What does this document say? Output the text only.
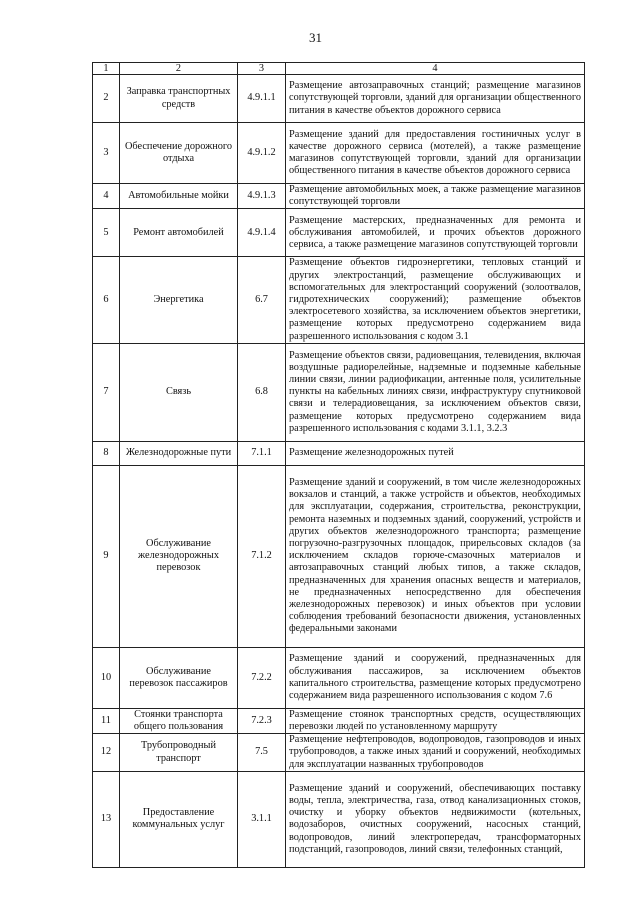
31
1	2	3	4
2	Заправка транспортных средств	4.9.1.1	Размещение автозаправочных станций; размещение магазинов сопутствующей торговли, зданий для организации общественного питания в качестве объектов дорожного сервиса
3	Обеспечение дорожного отдыха	4.9.1.2	Размещение зданий для предоставления гостиничных услуг в качестве дорожного сервиса (мотелей), а также размещение магазинов сопутствующей торговли, зданий для организации общественного питания в качестве объектов дорожного сервиса
4	Автомобильные мойки	4.9.1.3	Размещение автомобильных моек, а также размещение магазинов сопутствующей торговли
5	Ремонт автомобилей	4.9.1.4	Размещение мастерских, предназначенных для ремонта и обслуживания автомобилей, и прочих объектов дорожного сервиса, а также размещение магазинов сопутствующей торговли
6	Энергетика	6.7	Размещение объектов гидроэнергетики, тепловых станций и других электростанций, размещение обслуживающих и вспомогательных для электростанций сооружений (золоотвалов, гидротехнических сооружений); размещение объектов электросетевого хозяйства, за исключением объектов энергетики, размещение которых предусмотрено содержанием вида разрешенного использования с кодом 3.1
7	Связь	6.8	Размещение объектов связи, радиовещания, телевидения, включая воздушные радиорелейные, надземные и подземные кабельные линии связи, линии радиофикации, антенные поля, усилительные пункты на кабельных линиях связи, инфраструктуру спутниковой связи и телерадиовещания, за исключением объектов связи, размещение которых предусмотрено содержанием вида разрешенного использования с кодами 3.1.1, 3.2.3
8	Железнодорожные пути	7.1.1	Размещение железнодорожных путей
9	Обслуживание железнодорожных перевозок	7.1.2	Размещение зданий и сооружений, в том числе железнодорожных вокзалов и станций, а также устройств и объектов, необходимых для эксплуатации, содержания, строительства, реконструкции, ремонта наземных и подземных зданий, сооружений, устройств и других объектов железнодорожного транспорта; размещение погрузочно-разгрузочных площадок, прирельсовых складов (за исключением складов горюче-смазочных материалов и автозаправочных станций любых типов, а также складов, предназначенных для хранения опасных веществ и материалов, не предназначенных непосредственно для обеспечения железнодорожных перевозок) и иных объектов при условии соблюдения требований безопасности движения, установленных федеральными законами
10	Обслуживание перевозок пассажиров	7.2.2	Размещение зданий и сооружений, предназначенных для обслуживания пассажиров, за исключением объектов капитального строительства, размещение которых предусмотрено содержанием вида разрешенного использования с кодом 7.6
11	Стоянки транспорта общего пользования	7.2.3	Размещение стоянок транспортных средств, осуществляющих перевозки людей по установленному маршруту
12	Трубопроводный транспорт	7.5	Размещение нефтепроводов, водопроводов, газопроводов и иных трубопроводов, а также иных зданий и сооружений, необходимых для эксплуатации названных трубопроводов
13	Предоставление коммунальных услуг	3.1.1	Размещение зданий и сооружений, обеспечивающих поставку воды, тепла, электричества, газа, отвод канализационных стоков, очистку и уборку объектов недвижимости (котельных, водозаборов, очистных сооружений, насосных станций, водопроводов, линий электропередач, трансформаторных подстанций, газопроводов, линий связи, телефонных станций,
